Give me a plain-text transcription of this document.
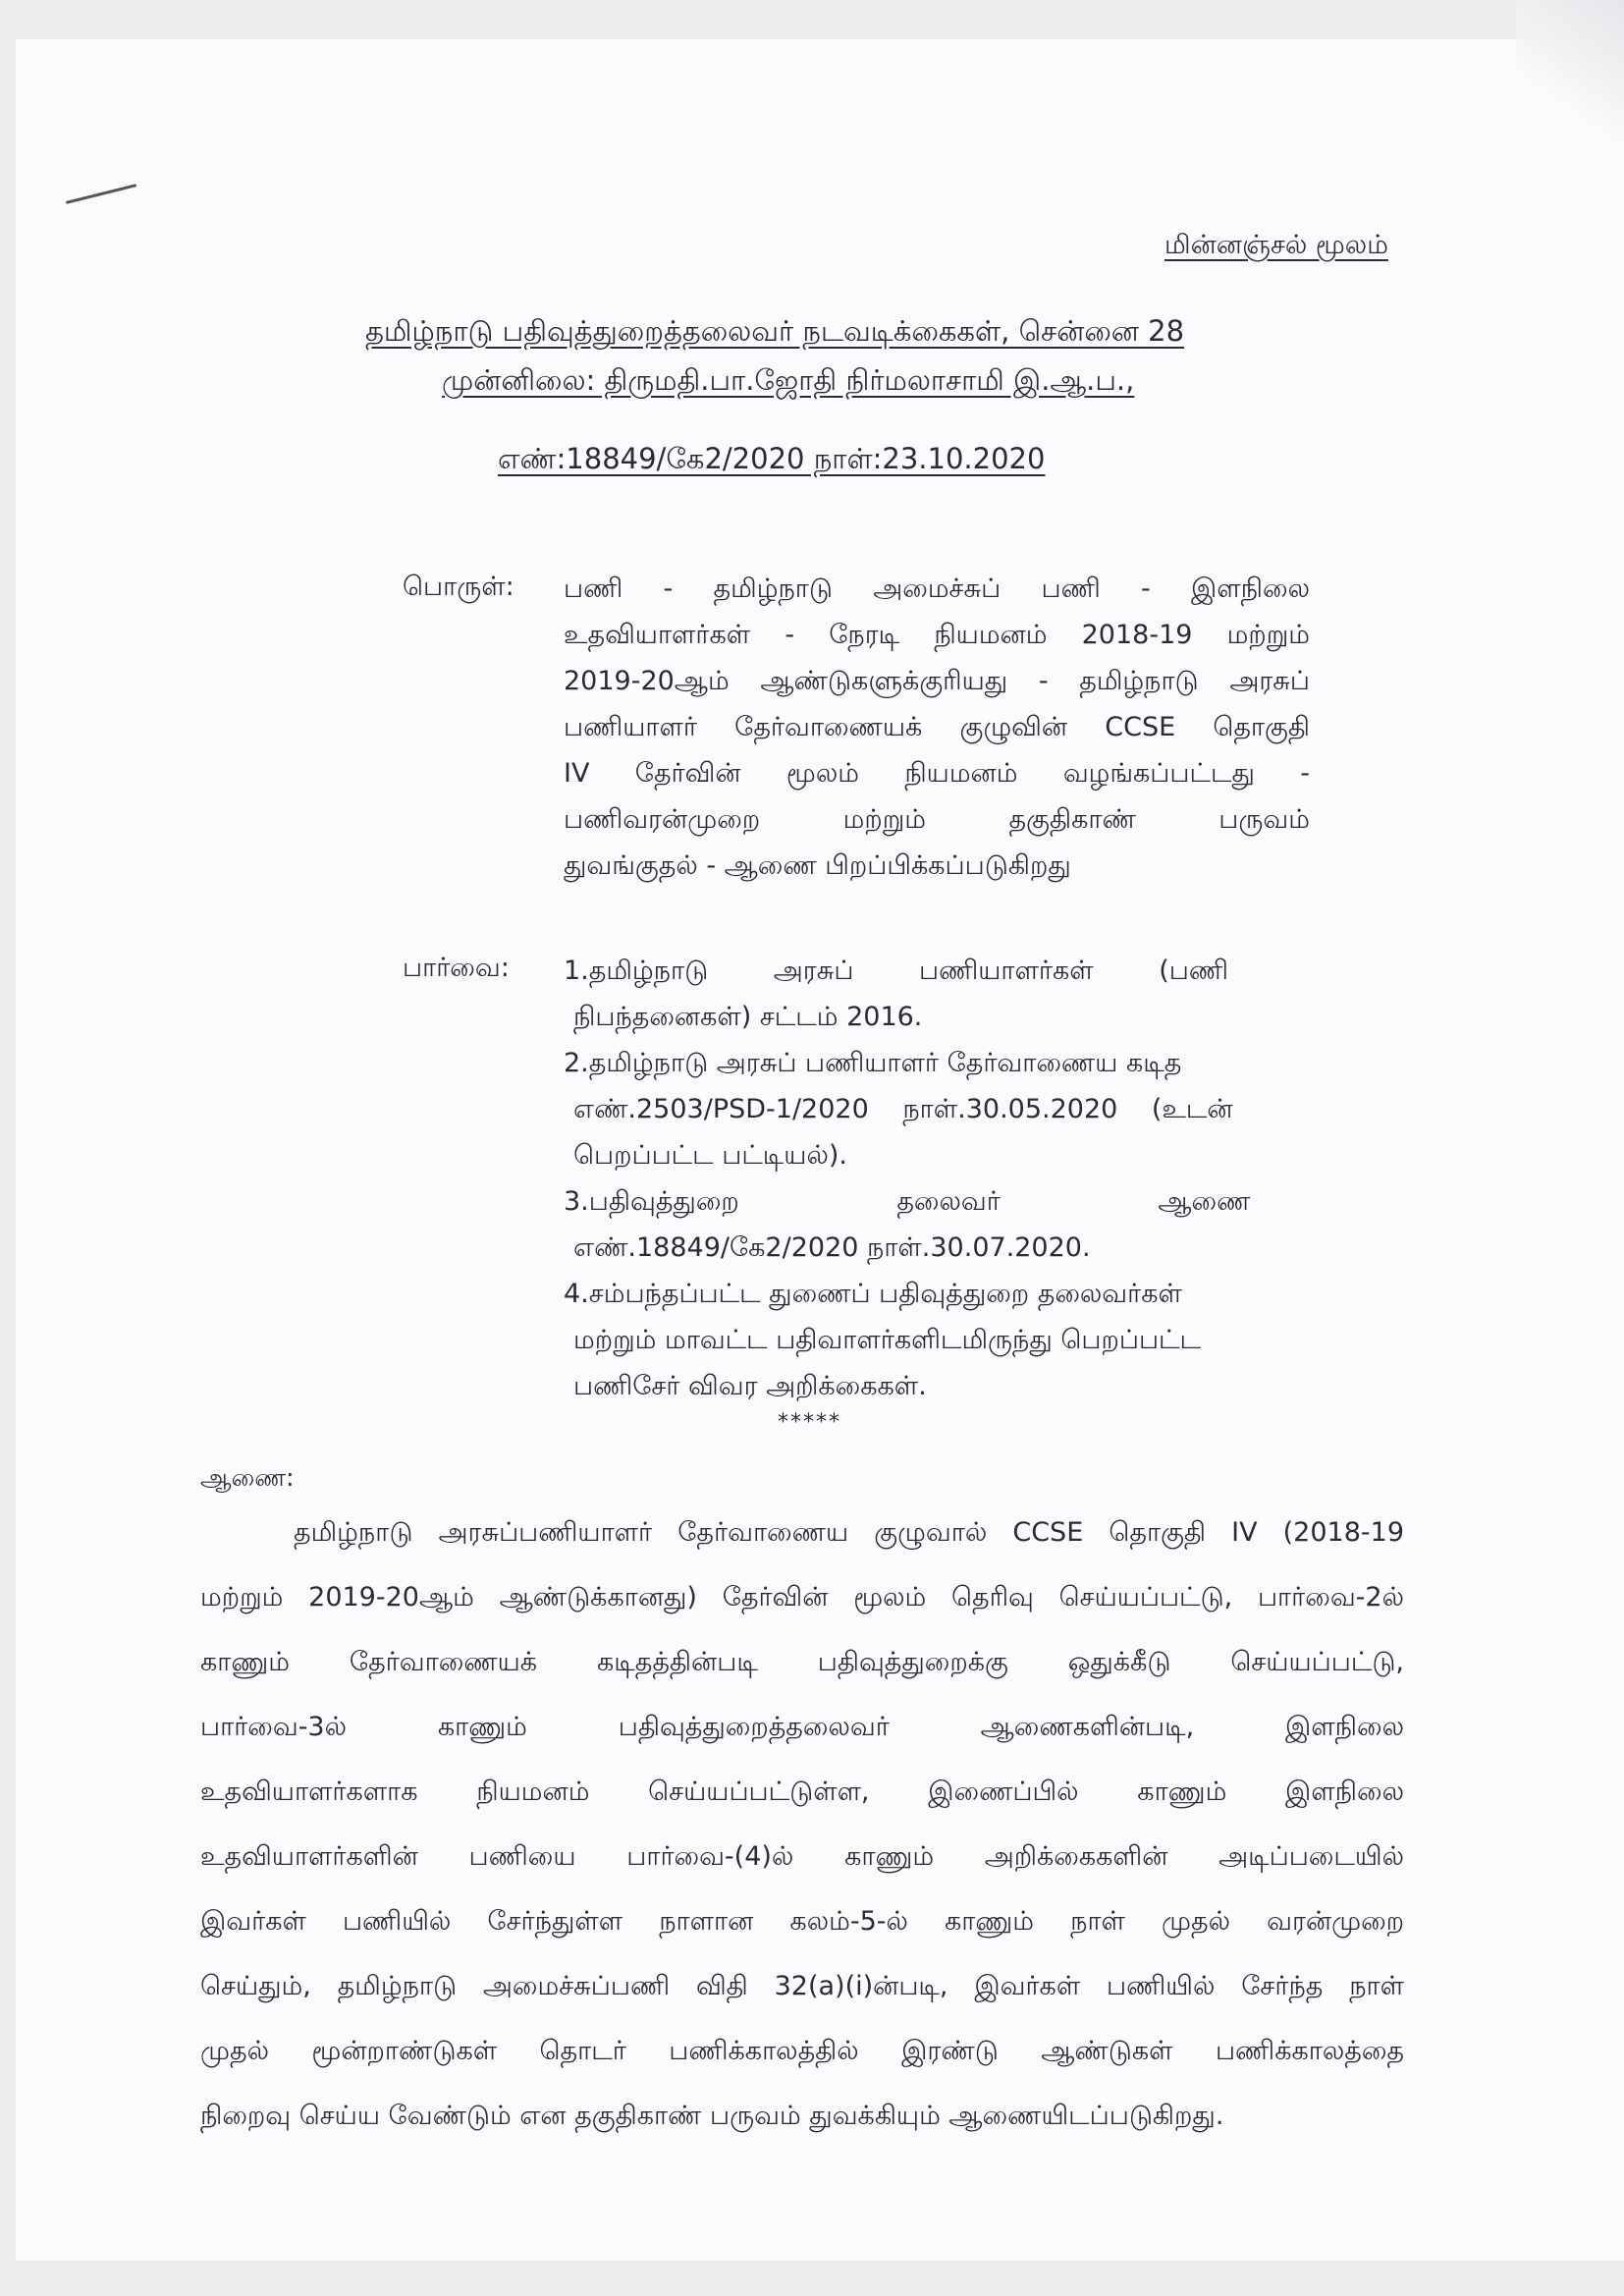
மின்னஞ்சல் மூலம்
தமிழ்நாடு பதிவுத்துறைத்தலைவர் நடவடிக்கைகள், சென்னை 28
முன்னிலை: திருமதி.பா.ஜோதி நிர்மலாசாமி இ.ஆ.ப.,
எண்:18849/கே2/2020 நாள்:23.10.2020
பொருள்: பணி - தமிழ்நாடு அமைச்சுப் பணி - இளநிலை
உதவியாளர்கள் - நேரடி நியமனம் 2018-19 மற்றும்
2019-20ஆம் ஆண்டுகளுக்குரியது - தமிழ்நாடு அரசுப்
பணியாளர் தேர்வாணையக் குழுவின் CCSE தொகுதி
IV தேர்வின் மூலம் நியமனம் வழங்கப்பட்டது -
பணிவரன்முறை மற்றும் தகுதிகாண் பருவம்
துவங்குதல் - ஆணை பிறப்பிக்கப்படுகிறது
பார்வை: 1.தமிழ்நாடு அரசுப் பணியாளர்கள் (பணி
நிபந்தனைகள்) சட்டம் 2016.
2.தமிழ்நாடு அரசுப் பணியாளர் தேர்வாணைய கடித
எண்.2503/PSD-1/2020 நாள்.30.05.2020 (உடன்
பெறப்பட்ட பட்டியல்).
3.பதிவுத்துறை தலைவர் ஆணை
எண்.18849/கே2/2020 நாள்.30.07.2020.
4.சம்பந்தப்பட்ட துணைப் பதிவுத்துறை தலைவர்கள்
மற்றும் மாவட்ட பதிவாளர்களிடமிருந்து பெறப்பட்ட
பணிசேர் விவர அறிக்கைகள்.
*****
ஆணை:
தமிழ்நாடு அரசுப்பணியாளர் தேர்வாணைய குழுவால் CCSE தொகுதி IV (2018-19
மற்றும் 2019-20ஆம் ஆண்டுக்கானது) தேர்வின் மூலம் தெரிவு செய்யப்பட்டு, பார்வை-2ல்
காணும் தேர்வாணையக் கடிதத்தின்படி பதிவுத்துறைக்கு ஒதுக்கீடு செய்யப்பட்டு,
பார்வை-3ல் காணும் பதிவுத்துறைத்தலைவர் ஆணைகளின்படி, இளநிலை
உதவியாளர்களாக நியமனம் செய்யப்பட்டுள்ள, இணைப்பில் காணும் இளநிலை
உதவியாளர்களின் பணியை பார்வை-(4)ல் காணும் அறிக்கைகளின் அடிப்படையில்
இவர்கள் பணியில் சேர்ந்துள்ள நாளான கலம்-5-ல் காணும் நாள் முதல் வரன்முறை
செய்தும், தமிழ்நாடு அமைச்சுப்பணி விதி 32(a)(i)ன்படி, இவர்கள் பணியில் சேர்ந்த நாள்
முதல் மூன்றாண்டுகள் தொடர் பணிக்காலத்தில் இரண்டு ஆண்டுகள் பணிக்காலத்தை
நிறைவு செய்ய வேண்டும் என தகுதிகாண் பருவம் துவக்கியும் ஆணையிடப்படுகிறது.
